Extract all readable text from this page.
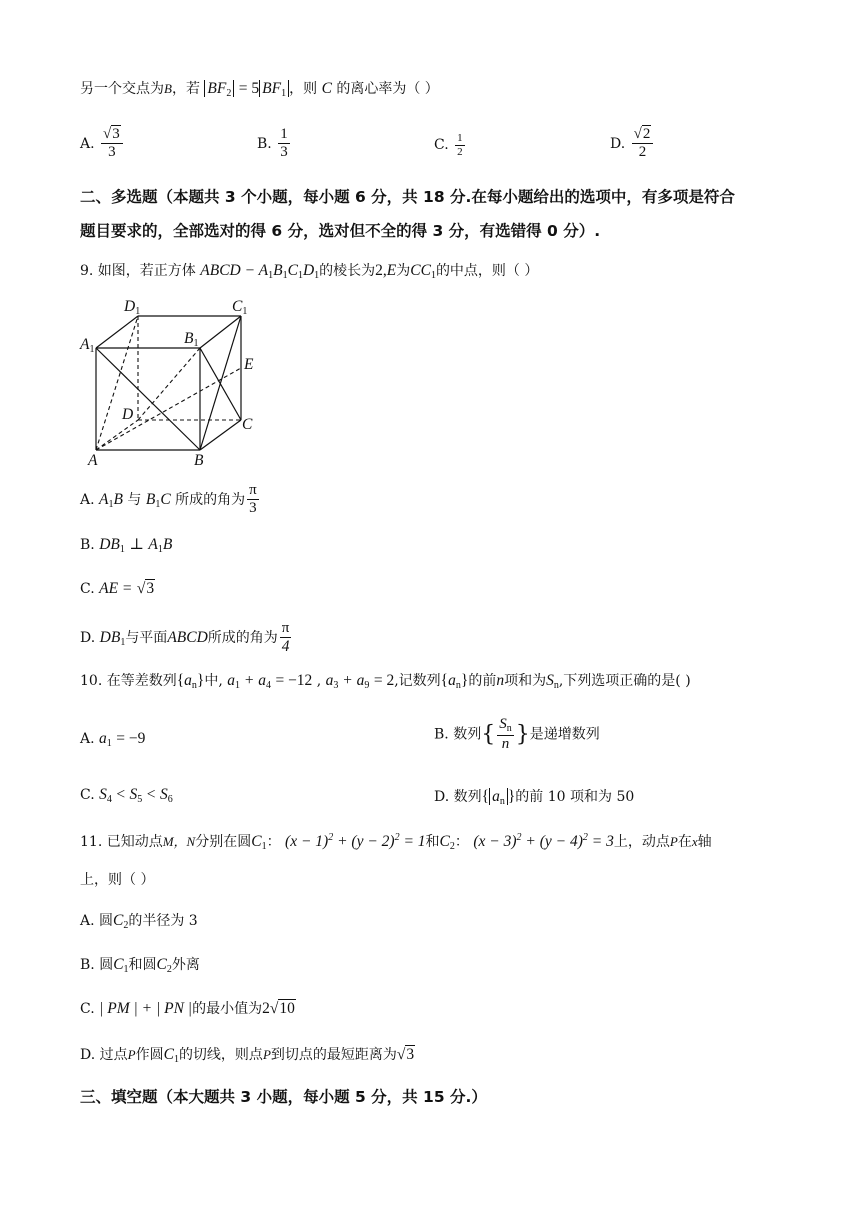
另一个交点为B，若 $BF_2 = 5$ $BF_1$ ，则 C 的离心率为（ ）
A. $\frac{√3}{3}$	B. $\frac{1}{3}$	C. $\frac{1}{2}$	D. $\frac{√2}{2}$
二、多选题（本题共 3 个小题，每小题 6 分，共 18 分.在每小题给出的选项中，有多项是符合
题目要求的，全部选对的得 6 分，选对但不全的得 3 分，有选错得 0 分）.
9. 如图，若正方体 ABCD − $A_1B_1C_1D_1$的棱长为2,E为$CC_1$的中点，则（ ）
$D_1$	$C_1$
$A_1$
$B_1$
E
D
C
A	B
A. $A_1B$ 与 $B_1C$ 所成的角为 $\frac{\pi}{3}$
B. $DB_1$ ⊥ $A_1B$
C. AE = √3
D. $DB_1$与平面ABCD所成的角为 $\frac{\pi}{4}$
10. 在等差数列$\{a_n\}$中, $a_1 + a_4 = -12$ , $a_3 + a_9 = 2$,记数列$\{a_n\}$的前n项和为$S_n$,下列选项正确的是( )
A. $a_1 = -9$	B. 数列{ $\frac{S_n}{n}$ }是递增数列
C. $S_4 < S_5 < S_6$	D. 数列{ $a_n$ }的前 10 项和为 50
11. 已知动点M，N分别在圆$C_1$： $(x - 1)^2 + (y - 2)^2 = 1$和$C_2$： $(x - 3)^2 + (y - 4)^2 = 3$上，动点P在x轴
上，则（ ）
A. 圆$C_2$的半径为 3
B. 圆$C_1$和圆$C_2$外离
C. | PM | + | PN |的最小值为2√10
D. 过点P作圆$C_1$的切线，则点P到切点的最短距离为√3
三、填空题（本大题共 3 小题，每小题 5 分，共 15 分.）
